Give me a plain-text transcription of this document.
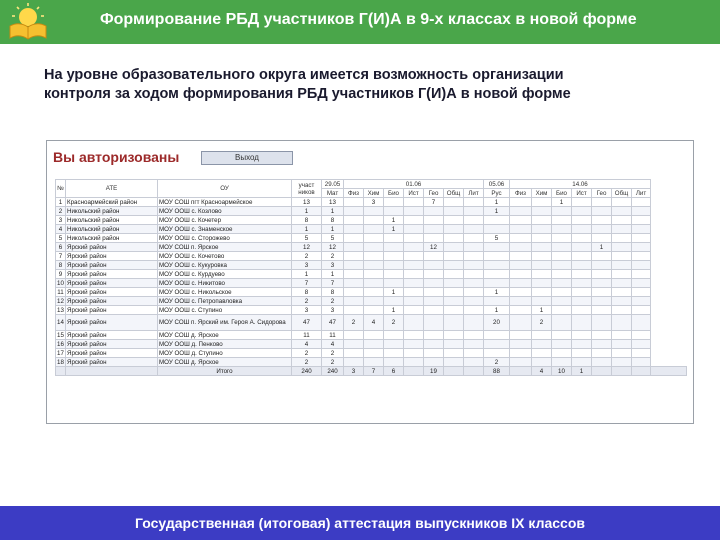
Формирование РБД участников Г(И)А в 9-х классах в новой форме
На уровне образовательного округа имеется возможность организации
контроля за ходом формирования РБД участников Г(И)А в новой форме
Вы авторизованы	Выход
№	АТЕ	ОУ	участ ников	29.05	01.06							05.06	14.06							
				Мат	Физ	Хим	Био	Ист	Гео	Общ	Лит	Рус	Физ	Хим	Био	Ист	Гео	Общ	Лит	
1	Красноармейский район	МОУ СОШ пгт Красноармейское	13	13		3			7			1			1					
2	Никольский район	МОУ ООШ с. Козлово	1	1								1								
3	Никольский район	МОУ ООШ с. Кочетер	8	8			1													
4	Никольский район	МОУ ООШ с. Знаменское	1	1			1													
5	Никольский район	МОУ ООШ с. Сторожево	5	5								5								
6	Ярский район	МОУ СОШ п. Ярское	12	12					12								1			
7	Ярский район	МОУ ООШ с. Кочетово	2	2																
8	Ярский район	МОУ ООШ с. Кукуровка	3	3																
9	Ярский район	МОУ ООШ с. Курдуево	1	1																
10	Ярский район	МОУ ООШ с. Никитово	7	7																
11	Ярский район	МОУ ООШ с. Никольское	8	8			1					1								
12	Ярский район	МОУ ООШ с. Петропавловка	2	2																
13	Ярский район	МОУ ООШ с. Ступино	3	3			1					1		1						
14	Ярский район	МОУ СОШ п. Ярский им. Героя А. Сидорова	47	47	2	4	2					20		2						
15	Ярский район	МОУ СОШ д. Ярское	11	11																
16	Ярский район	МОУ ООШ д. Пенково	4	4																
17	Ярский район	МОУ ООШ д. Ступино	2	2																
18	Ярский район	МОУ СОШ д. Ярское	2	2								2								
		Итого	240	240	3	7	6		19			88		4	10	1				
Государственная (итоговая) аттестация выпускников IX классов
